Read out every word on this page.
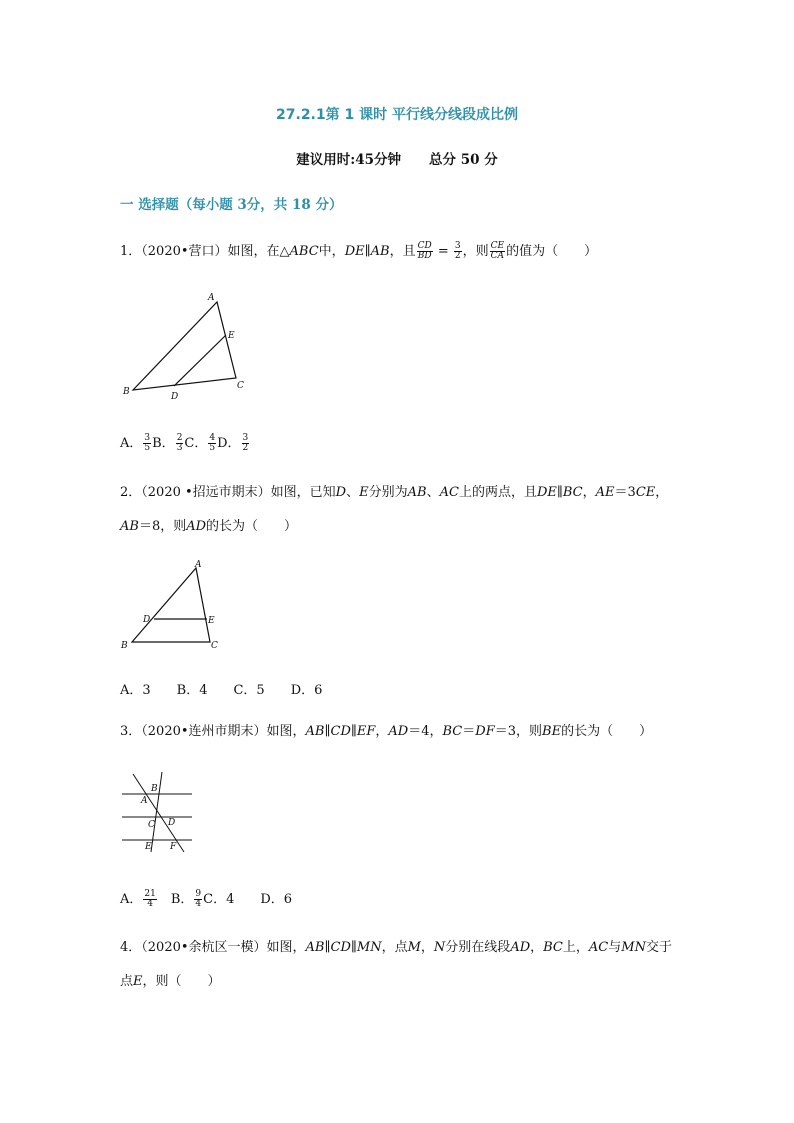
27.2.1第 1 课时 平行线分线段成比例
建议用时:45分钟 总分 50 分
一 选择题（每小题 3分，共 18 分）
1．（2020•营口）如图，在△ABC中，DE∥AB，且 $\frac{CD}{BD} = \frac{3}{2}$ ，则 $\frac{CE}{CA}$ 的值为（　　）
A
E
C
B	D
A． $\frac{3}{5}$ B． $\frac{2}{3}$ C． $\frac{4}{5}$ D． $\frac{3}{2}$
2．（2020 •招远市期末）如图，已知D、E分别为AB、AC上的两点，且DE∥BC，AE＝3CE，
AB＝8，则AD的长为（　　）
A
D	E
B	C
A．3　　B．4　　C．5　　D．6
3．（2020•连州市期末）如图，AB∥CD∥EF，AD＝4，BC＝DF＝3，则BE的长为（　　）
B
A
C D
E F
A． $\frac{21}{4}$ 　B． $\frac{9}{4}$ C．4　　D．6
4．（2020•余杭区一模）如图，AB∥CD∥MN，点M，N分别在线段AD，BC上，AC与MN交于
点E，则（　　）
